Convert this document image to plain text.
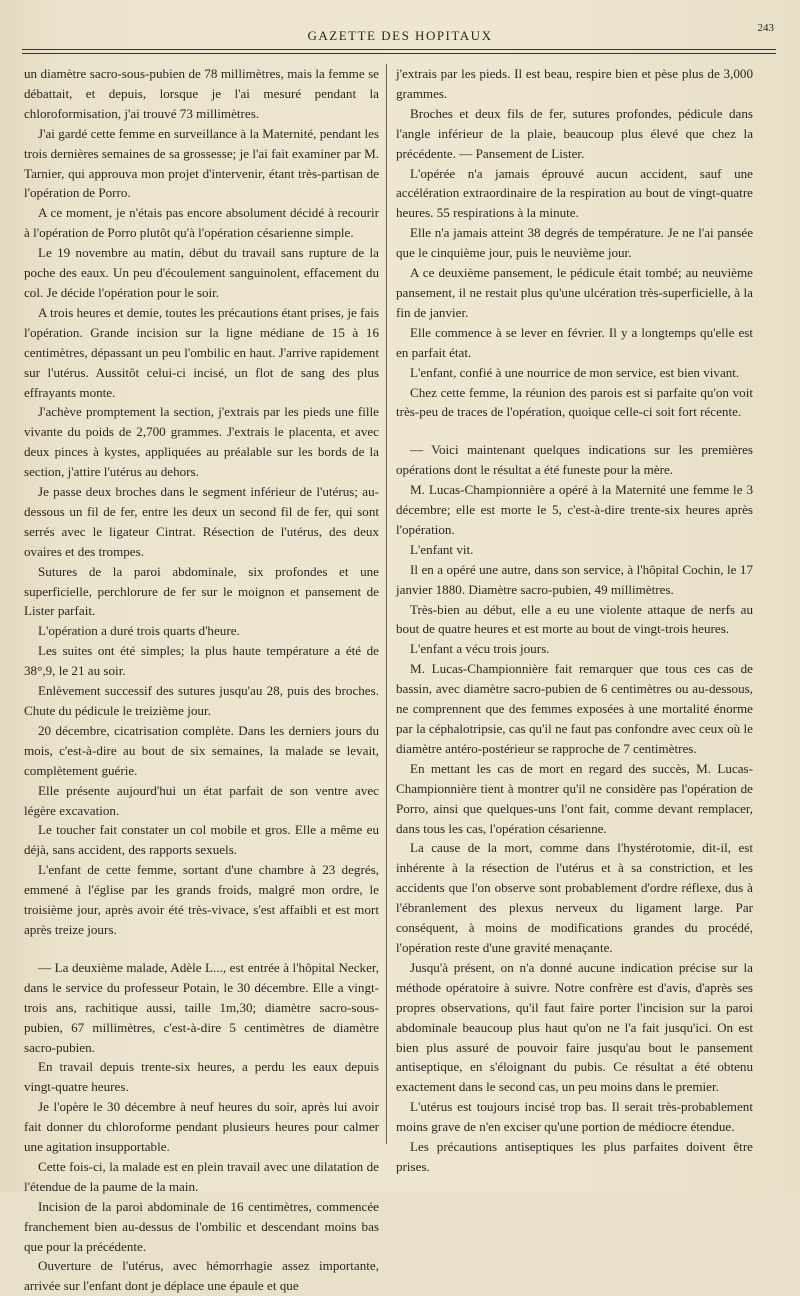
GAZETTE DES HOPITAUX	243

un diamètre sacro-sous-pubien de 78 millimètres, mais la femme se débattait, et depuis, lorsque je l'ai mesuré pendant la chloroformisation, j'ai trouvé 73 millimètres.

J'ai gardé cette femme en surveillance à la Maternité, pendant les trois dernières semaines de sa grossesse; je l'ai fait examiner par M. Tarnier, qui approuva mon projet d'intervenir, étant très-partisan de l'opération de Porro.

A ce moment, je n'étais pas encore absolument décidé à recourir à l'opération de Porro plutôt qu'à l'opération césarienne simple.

Le 19 novembre au matin, début du travail sans rupture de la poche des eaux. Un peu d'écoulement sanguinolent, effacement du col. Je décide l'opération pour le soir.

A trois heures et demie, toutes les précautions étant prises, je fais l'opération. Grande incision sur la ligne médiane de 15 à 16 centimètres, dépassant un peu l'ombilic en haut. J'arrive rapidement sur l'utérus. Aussitôt celui-ci incisé, un flot de sang des plus effrayants monte.

J'achève promptement la section, j'extrais par les pieds une fille vivante du poids de 2,700 grammes. J'extrais le placenta, et avec deux pinces à kystes, appliquées au préalable sur les bords de la section, j'attire l'utérus au dehors.

Je passe deux broches dans le segment inférieur de l'utérus; au-dessous un fil de fer, entre les deux un second fil de fer, qui sont serrés avec le ligateur Cintrat. Résection de l'utérus, des deux ovaires et des trompes.

Sutures de la paroi abdominale, six profondes et une superficielle, perchlorure de fer sur le moignon et pansement de Lister parfait.

L'opération a duré trois quarts d'heure.

Les suites ont été simples; la plus haute température a été de 38°,9, le 21 au soir.

Enlèvement successif des sutures jusqu'au 28, puis des broches. Chute du pédicule le treizième jour.

20 décembre, cicatrisation complète. Dans les derniers jours du mois, c'est-à-dire au bout de six semaines, la malade se levait, complètement guérie.

Elle présente aujourd'hui un état parfait de son ventre avec légère excavation.

Le toucher fait constater un col mobile et gros. Elle a même eu déjà, sans accident, des rapports sexuels.

L'enfant de cette femme, sortant d'une chambre à 23 degrés, emmené à l'église par les grands froids, malgré mon ordre, le troisième jour, après avoir été très-vivace, s'est affaibli et est mort après treize jours.

— La deuxième malade, Adèle L..., est entrée à l'hôpital Necker, dans le service du professeur Potain, le 30 décembre. Elle a vingt-trois ans, rachitique aussi, taille 1m,30; diamètre sacro-sous-pubien, 67 millimètres, c'est-à-dire 5 centimètres de diamètre sacro-pubien.

En travail depuis trente-six heures, a perdu les eaux depuis vingt-quatre heures.

Je l'opère le 30 décembre à neuf heures du soir, après lui avoir fait donner du chloroforme pendant plusieurs heures pour calmer une agitation insupportable.

Cette fois-ci, la malade est en plein travail avec une dilatation de l'étendue de la paume de la main.

Incision de la paroi abdominale de 16 centimètres, commencée franchement bien au-dessus de l'ombilic et descendant moins bas que pour la précédente.

Ouverture de l'utérus, avec hémorrhagie assez importante, arrivée sur l'enfant dont je déplace une épaule et que

j'extrais par les pieds. Il est beau, respire bien et pèse plus de 3,000 grammes.

Broches et deux fils de fer, sutures profondes, pédicule dans l'angle inférieur de la plaie, beaucoup plus élevé que chez la précédente. — Pansement de Lister.

L'opérée n'a jamais éprouvé aucun accident, sauf une accélération extraordinaire de la respiration au bout de vingt-quatre heures. 55 respirations à la minute.

Elle n'a jamais atteint 38 degrés de température. Je ne l'ai pansée que le cinquième jour, puis le neuvième jour.

A ce deuxième pansement, le pédicule était tombé; au neuvième pansement, il ne restait plus qu'une ulcération très-superficielle, à la fin de janvier.

Elle commence à se lever en février. Il y a longtemps qu'elle est en parfait état.

L'enfant, confié à une nourrice de mon service, est bien vivant.

Chez cette femme, la réunion des parois est si parfaite qu'on voit très-peu de traces de l'opération, quoique celle-ci soit fort récente.

— Voici maintenant quelques indications sur les premières opérations dont le résultat a été funeste pour la mère.

M. Lucas-Championnière a opéré à la Maternité une femme le 3 décembre; elle est morte le 5, c'est-à-dire trente-six heures après l'opération.

L'enfant vit.

Il en a opéré une autre, dans son service, à l'hôpital Cochin, le 17 janvier 1880. Diamètre sacro-pubien, 49 millimètres.

Très-bien au début, elle a eu une violente attaque de nerfs au bout de quatre heures et est morte au bout de vingt-trois heures.

L'enfant a vécu trois jours.

M. Lucas-Championnière fait remarquer que tous ces cas de bassin, avec diamètre sacro-pubien de 6 centimètres ou au-dessous, ne comprennent que des femmes exposées à une mortalité énorme par la céphalotripsie, cas qu'il ne faut pas confondre avec ceux où le diamètre antéro-postérieur se rapproche de 7 centimètres.

En mettant les cas de mort en regard des succès, M. Lucas-Championnière tient à montrer qu'il ne considère pas l'opération de Porro, ainsi que quelques-uns l'ont fait, comme devant remplacer, dans tous les cas, l'opération césarienne.

La cause de la mort, comme dans l'hystérotomie, dit-il, est inhérente à la résection de l'utérus et à sa constriction, et les accidents que l'on observe sont probablement d'ordre réflexe, dus à l'ébranlement des plexus nerveux du ligament large. Par conséquent, à moins de modifications grandes du procédé, l'opération reste d'une gravité menaçante.

Jusqu'à présent, on n'a donné aucune indication précise sur la méthode opératoire à suivre. Notre confrère est d'avis, d'après ses propres observations, qu'il faut faire porter l'incision sur la paroi abdominale beaucoup plus haut qu'on ne l'a fait jusqu'ici. On est bien plus assuré de pouvoir faire jusqu'au bout le pansement antiseptique, en s'éloignant du pubis. Ce résultat a été obtenu exactement dans le second cas, un peu moins dans le premier.

L'utérus est toujours incisé trop bas. Il serait très-probablement moins grave de n'en exciser qu'une portion de médiocre étendue.

Les précautions antiseptiques les plus parfaites doivent être prises.
